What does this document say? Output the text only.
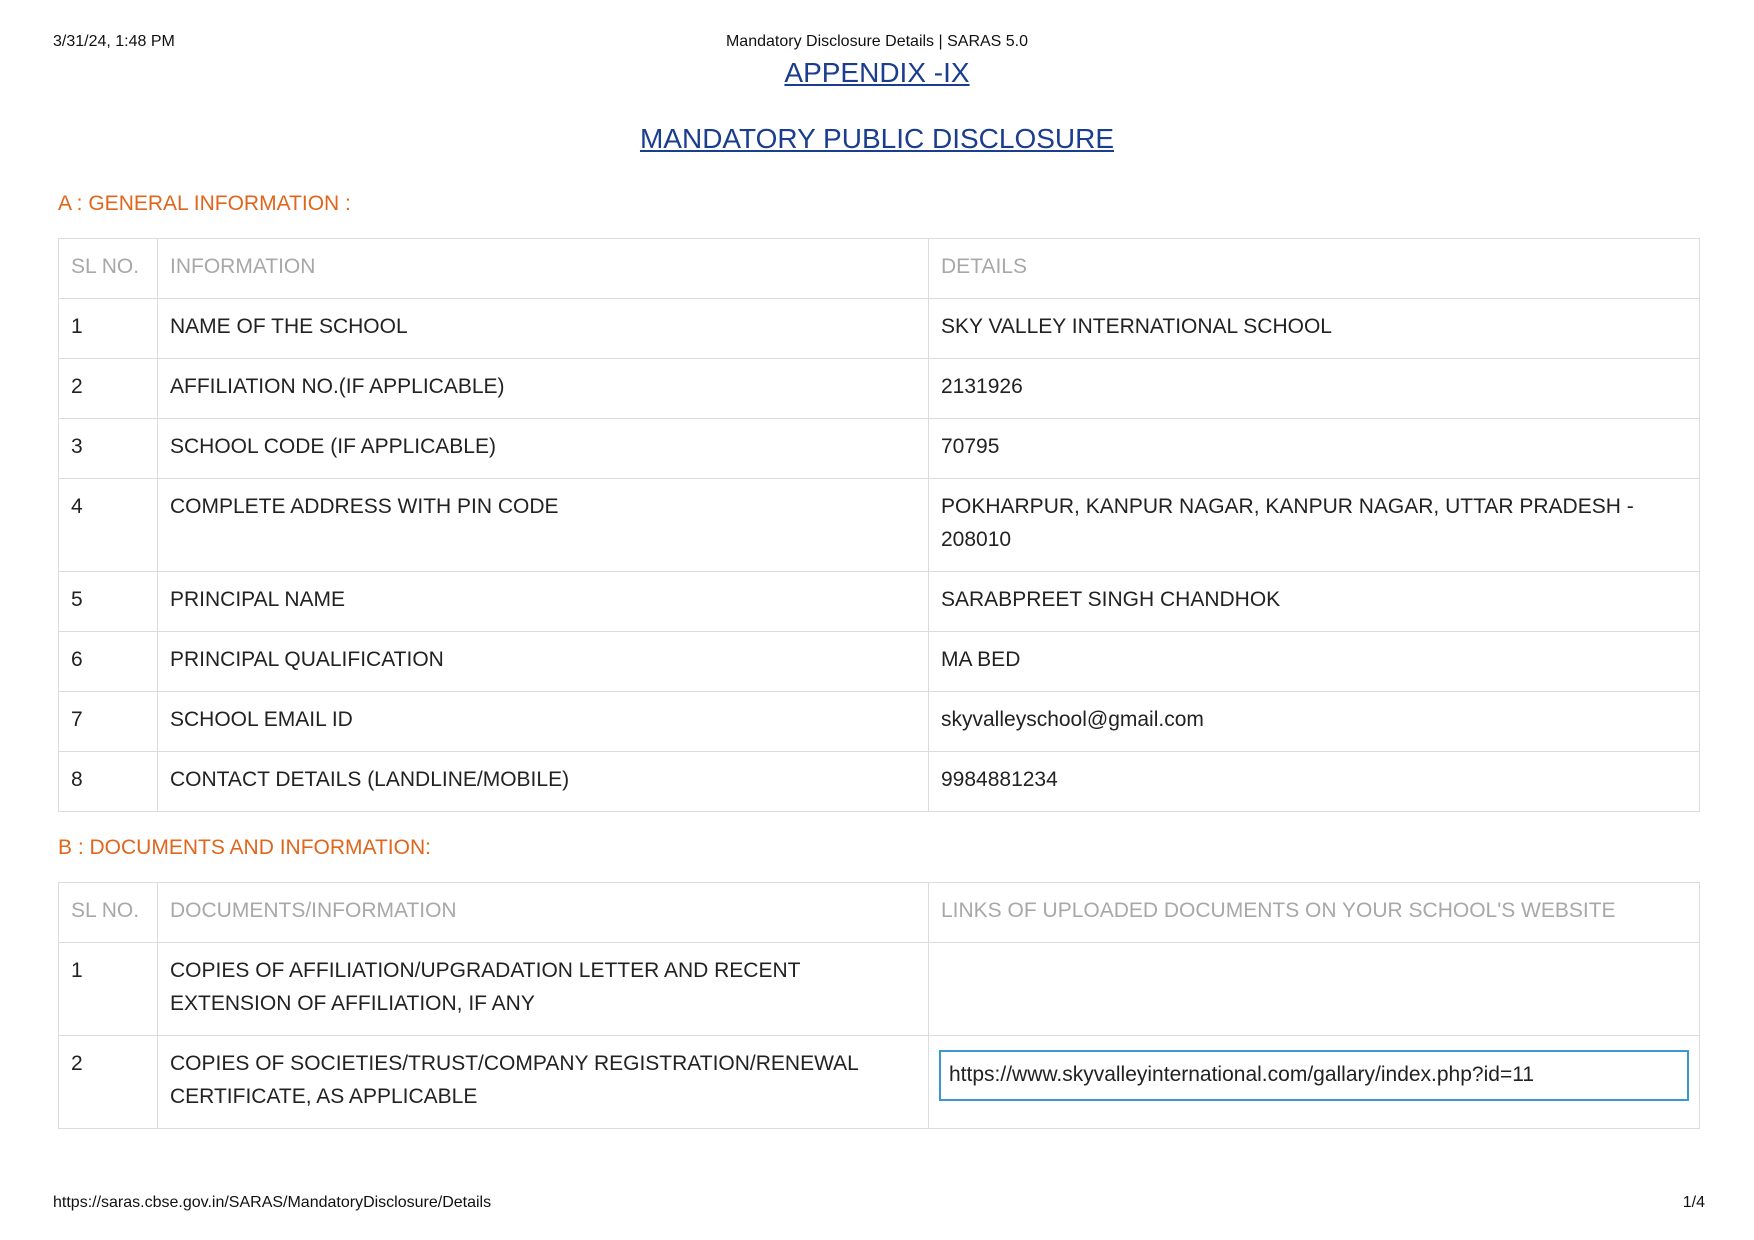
3/31/24, 1:48 PM	Mandatory Disclosure Details | SARAS 5.0
APPENDIX -IX
MANDATORY PUBLIC DISCLOSURE
A : GENERAL INFORMATION :
SL NO.	INFORMATION	DETAILS
1	NAME OF THE SCHOOL	SKY VALLEY INTERNATIONAL SCHOOL
2	AFFILIATION NO.(IF APPLICABLE)	2131926
3	SCHOOL CODE (IF APPLICABLE)	70795
4	COMPLETE ADDRESS WITH PIN CODE	POKHARPUR, KANPUR NAGAR, KANPUR NAGAR, UTTAR PRADESH - 208010
5	PRINCIPAL NAME	SARABPREET SINGH CHANDHOK
6	PRINCIPAL QUALIFICATION	MA BED
7	SCHOOL EMAIL ID	skyvalleyschool@gmail.com
8	CONTACT DETAILS (LANDLINE/MOBILE)	9984881234
B : DOCUMENTS AND INFORMATION:
SL NO.	DOCUMENTS/INFORMATION	LINKS OF UPLOADED DOCUMENTS ON YOUR SCHOOL'S WEBSITE
1	COPIES OF AFFILIATION/UPGRADATION LETTER AND RECENT EXTENSION OF AFFILIATION, IF ANY	
2	COPIES OF SOCIETIES/TRUST/COMPANY REGISTRATION/RENEWAL CERTIFICATE, AS APPLICABLE	https://www.skyvalleyinternational.com/gallary/index.php?id=11
https://saras.cbse.gov.in/SARAS/MandatoryDisclosure/Details	1/4
